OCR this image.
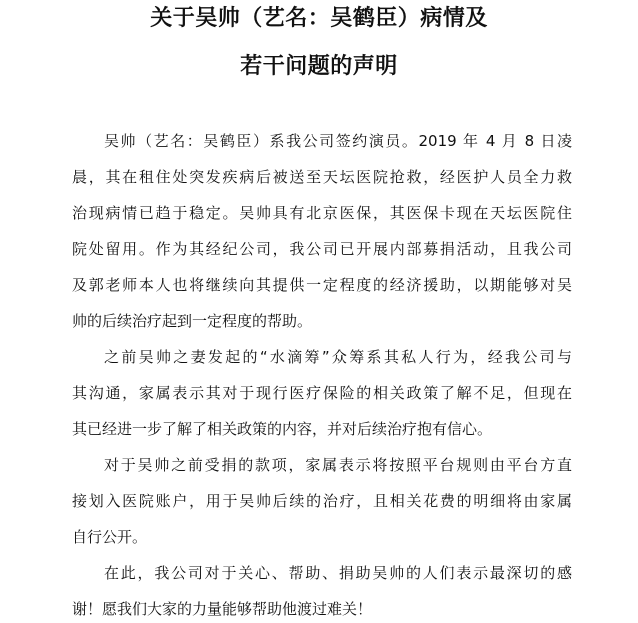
关于吴帅（艺名：吴鹤臣）病情及
若干问题的声明
吴帅（艺名：吴鹤臣）系我公司签约演员。2019 年 4 月 8 日凌
晨，其在租住处突发疾病后被送至天坛医院抢救，经医护人员全力救
治现病情已趋于稳定。吴帅具有北京医保，其医保卡现在天坛医院住
院处留用。作为其经纪公司，我公司已开展内部募捐活动，且我公司
及郭老师本人也将继续向其提供一定程度的经济援助，以期能够对吴
帅的后续治疗起到一定程度的帮助。
之前吴帅之妻发起的“水滴筹”众筹系其私人行为，经我公司与
其沟通，家属表示其对于现行医疗保险的相关政策了解不足，但现在
其已经进一步了解了相关政策的内容，并对后续治疗抱有信心。
对于吴帅之前受捐的款项，家属表示将按照平台规则由平台方直
接划入医院账户，用于吴帅后续的治疗，且相关花费的明细将由家属
自行公开。
在此，我公司对于关心、帮助、捐助吴帅的人们表示最深切的感
谢！愿我们大家的力量能够帮助他渡过难关！
